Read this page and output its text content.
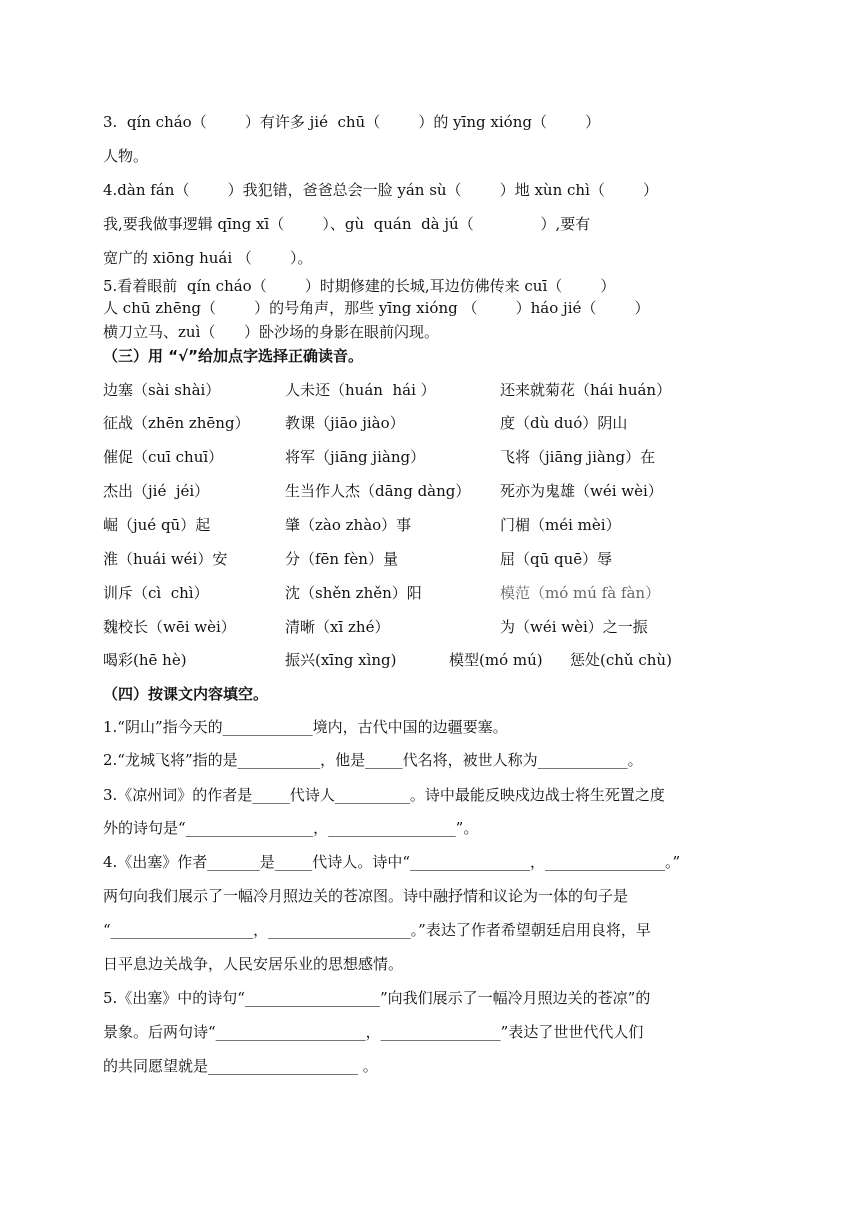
3.  qín cháo（        ）有许多 jié  chū（        ）的 yīng xióng（        ）
人物。
4.dàn fán（        ）我犯错，爸爸总会一脸 yán sù（        ）地 xùn chì（        ）
我,要我做事逻辑 qīng xī（        ）、gù  quán  dà jú（              ）,要有
宽广的 xiōng huái （        ）。
5.看着眼前  qín cháo（        ）时期修建的长城,耳边仿佛传来 cuī（        ）
人 chū zhēng（        ）的号角声，那些 yīng xióng （        ）háo jié（        ）
横刀立马、zuì（      ）卧沙场的身影在眼前闪现。
（三）用 “√”给加点字选择正确读音。
边塞（sài shài）	人未还（huán  hái ）	还来就菊花（hái huán）
征战（zhēn zhēng） 教课（jiāo jiào）	度（dù duó）阴山
催促（cuī chuī）	将军（jiāng jiàng）	飞将（jiāng jiàng）在
杰出（jié  jéi）	生当作人杰（dāng dàng） 死亦为鬼雄（wéi wèi）
崛（jué qū）起	肇（zào zhào）事	门楣（méi mèi）
淮（huái wéi）安	分（fēn fèn）量	屈（qū quē）辱
训斥（cì  chì）	沈（shěn zhěn）阳	模范（mó mú fà fàn）
魏校长（wēi wèi）	清晰（xī zhé）	为（wéi wèi）之一振
喝彩(hē hè)	振兴(xīng xìng)	模型(mó mú) 惩处(chǔ chù)
（四）按课文内容填空。
1.“阴山”指今天的____________境内，古代中国的边疆要塞。
2.“龙城飞将”指的是___________，他是_____代名将，被世人称为____________。
3.《凉州词》的作者是_____代诗人__________。诗中最能反映戍边战士将生死置之度
外的诗句是“_________________，_________________”。
4.《出塞》作者_______是_____代诗人。诗中“________________，________________。”
两句向我们展示了一幅冷月照边关的苍凉图。诗中融抒情和议论为一体的句子是
“___________________，___________________。”表达了作者希望朝廷启用良将，早
日平息边关战争，人民安居乐业的思想感情。
5.《出塞》中的诗句“__________________”向我们展示了一幅冷月照边关的苍凉”的
景象。后两句诗“____________________，________________”表达了世世代代人们
的共同愿望就是____________________ 。
